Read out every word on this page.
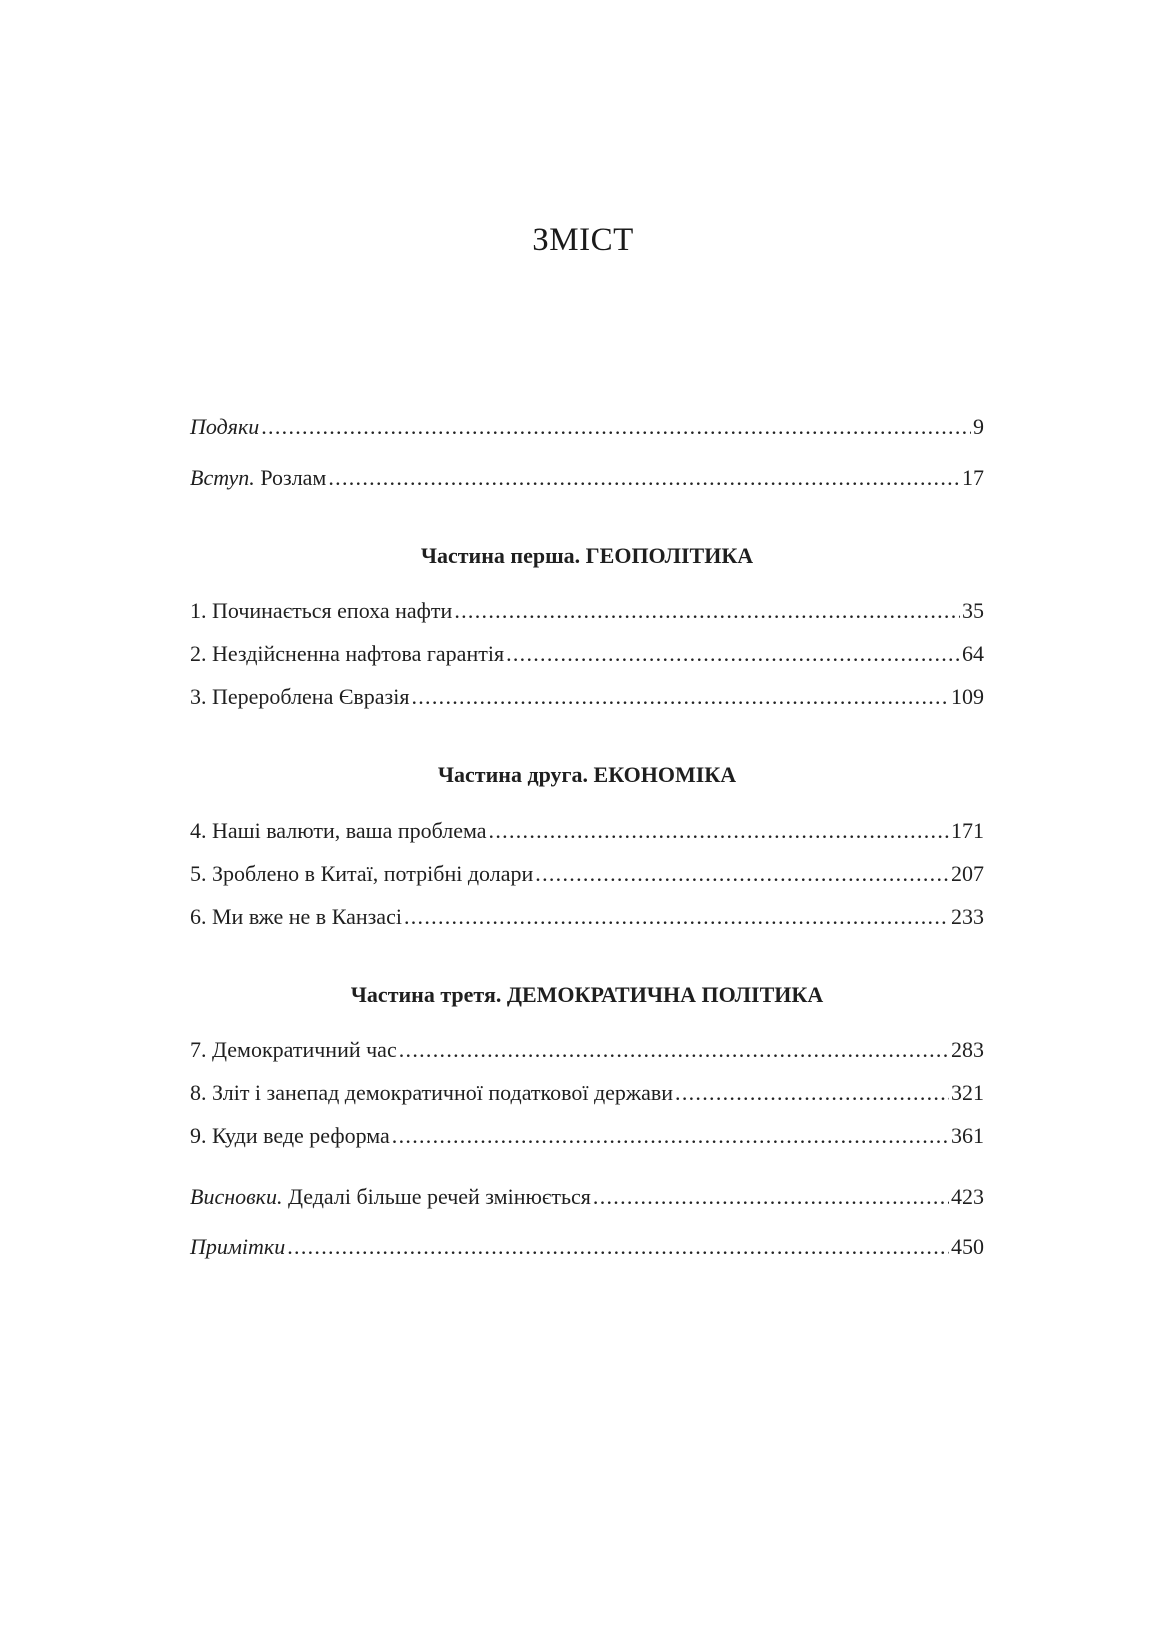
ЗМІСТ
Подяки .....	9
Вступ. Розлам .....	17
Частина перша. ГЕОПОЛІТИКА
1. Починається епоха нафти .....	35
2. Нездійсненна нафтова гарантія .....	64
3. Перероблена Євразія .....	109
Частина друга. ЕКОНОМІКА
4. Наші валюти, ваша проблема .....	171
5. Зроблено в Китаї, потрібні долари .....	207
6. Ми вже не в Канзасі .....	233
Частина третя. ДЕМОКРАТИЧНА ПОЛІТИКА
7. Демократичний час .....	283
8. Зліт і занепад демократичної податкової держави .....	321
9. Куди веде реформа .....	361
Висновки. Дедалі більше речей змінюється .....	423
Примітки .....	450
